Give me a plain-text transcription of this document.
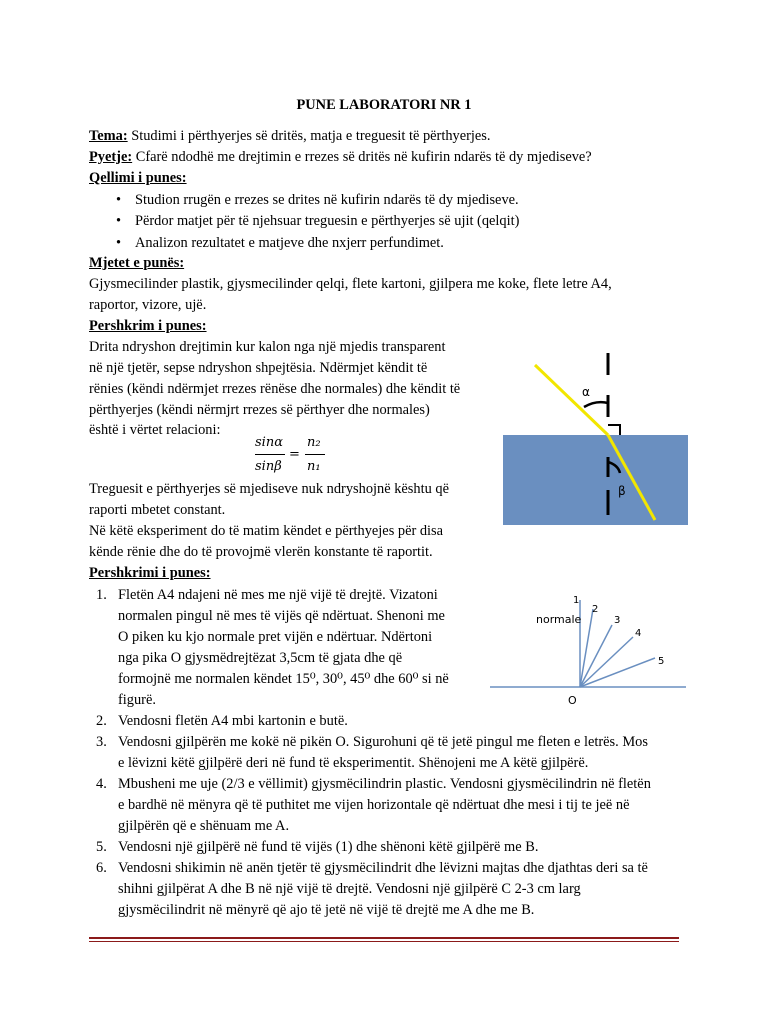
PUNE LABORATORI NR 1
Tema: Studimi i përthyerjes së dritës, matja e treguesit të përthyerjes.
Pyetje: Cfarë ndodhë me drejtimin e rrezes së dritës në kufirin ndarës të dy mjediseve?
Qellimi i punes:
• Studion rrugën e rrezes se drites në kufirin ndarës të dy mjediseve.
• Përdor matjet për të njehsuar treguesin e përthyerjes së ujit (qelqit)
• Analizon rezultatet e matjeve dhe nxjerr perfundimet.
Mjetet e punës:
Gjysmecilinder plastik, gjysmecilinder qelqi, flete kartoni, gjilpera me koke, flete letre A4,
raportor, vizore, ujë.
Pershkrim i punes:
Drita ndryshon drejtimin kur kalon nga një mjedis transparent
në një tjetër, sepse ndryshon shpejtësia. Ndërmjet këndit të
rënies (këndi ndërmjet rrezes rënëse dhe normales) dhe këndit të
përthyerjes (këndi nërmjrt rrezes së përthyer dhe normales)
është i vërtet relacioni:
sinα
sinβ
=
n₂
n₁
Treguesit e përthyerjes së mjediseve nuk ndryshojnë kështu që
raporti mbetet constant.
Në këtë eksperiment do të matim këndet e përthyejes për disa
kënde rënie dhe do të provojmë vlerën konstante të raportit.
α
β
Pershkrimi i punes:
1. Fletën A4 ndajeni në mes me një vijë të drejtë. Vizatoni
normalen pingul në mes të vijës që ndërtuat. Shenoni me
O piken ku kjo normale pret vijën e ndërtuar. Ndërtoni
nga pika O gjysmëdrejtëzat 3,5cm të gjata dhe që
formojnë me normalen këndet 15⁰, 30⁰, 45⁰ dhe 60⁰ si në
figurë.
normale
O
1
2
3
4
5
2. Vendosni fletën A4 mbi kartonin e butë.
3. Vendosni gjilpërën me kokë në pikën O. Sigurohuni që të jetë pingul me fleten e letrës. Mos
e lëvizni këtë gjilpërë deri në fund të eksperimentit. Shënojeni me A këtë gjilpërë.
4. Mbusheni me uje (2/3 e vëllimit) gjysmëcilindrin plastic. Vendosni gjysmëcilindrin në fletën
e bardhë në mënyra që të puthitet me vijen horizontale që ndërtuat dhe mesi i tij te jeë në
gjilpërën që e shënuam me A.
5. Vendosni një gjilpërë në fund të vijës (1) dhe shënoni këtë gjilpërë me B.
6. Vendosni shikimin në anën tjetër të gjysmëcilindrit dhe lëvizni majtas dhe djathtas deri sa të
shihni gjilpërat A dhe B në një vijë të drejtë. Vendosni një gjilpërë C 2-3 cm larg
gjysmëcilindrit në mënyrë që ajo të jetë në vijë të drejtë me A dhe me B.
